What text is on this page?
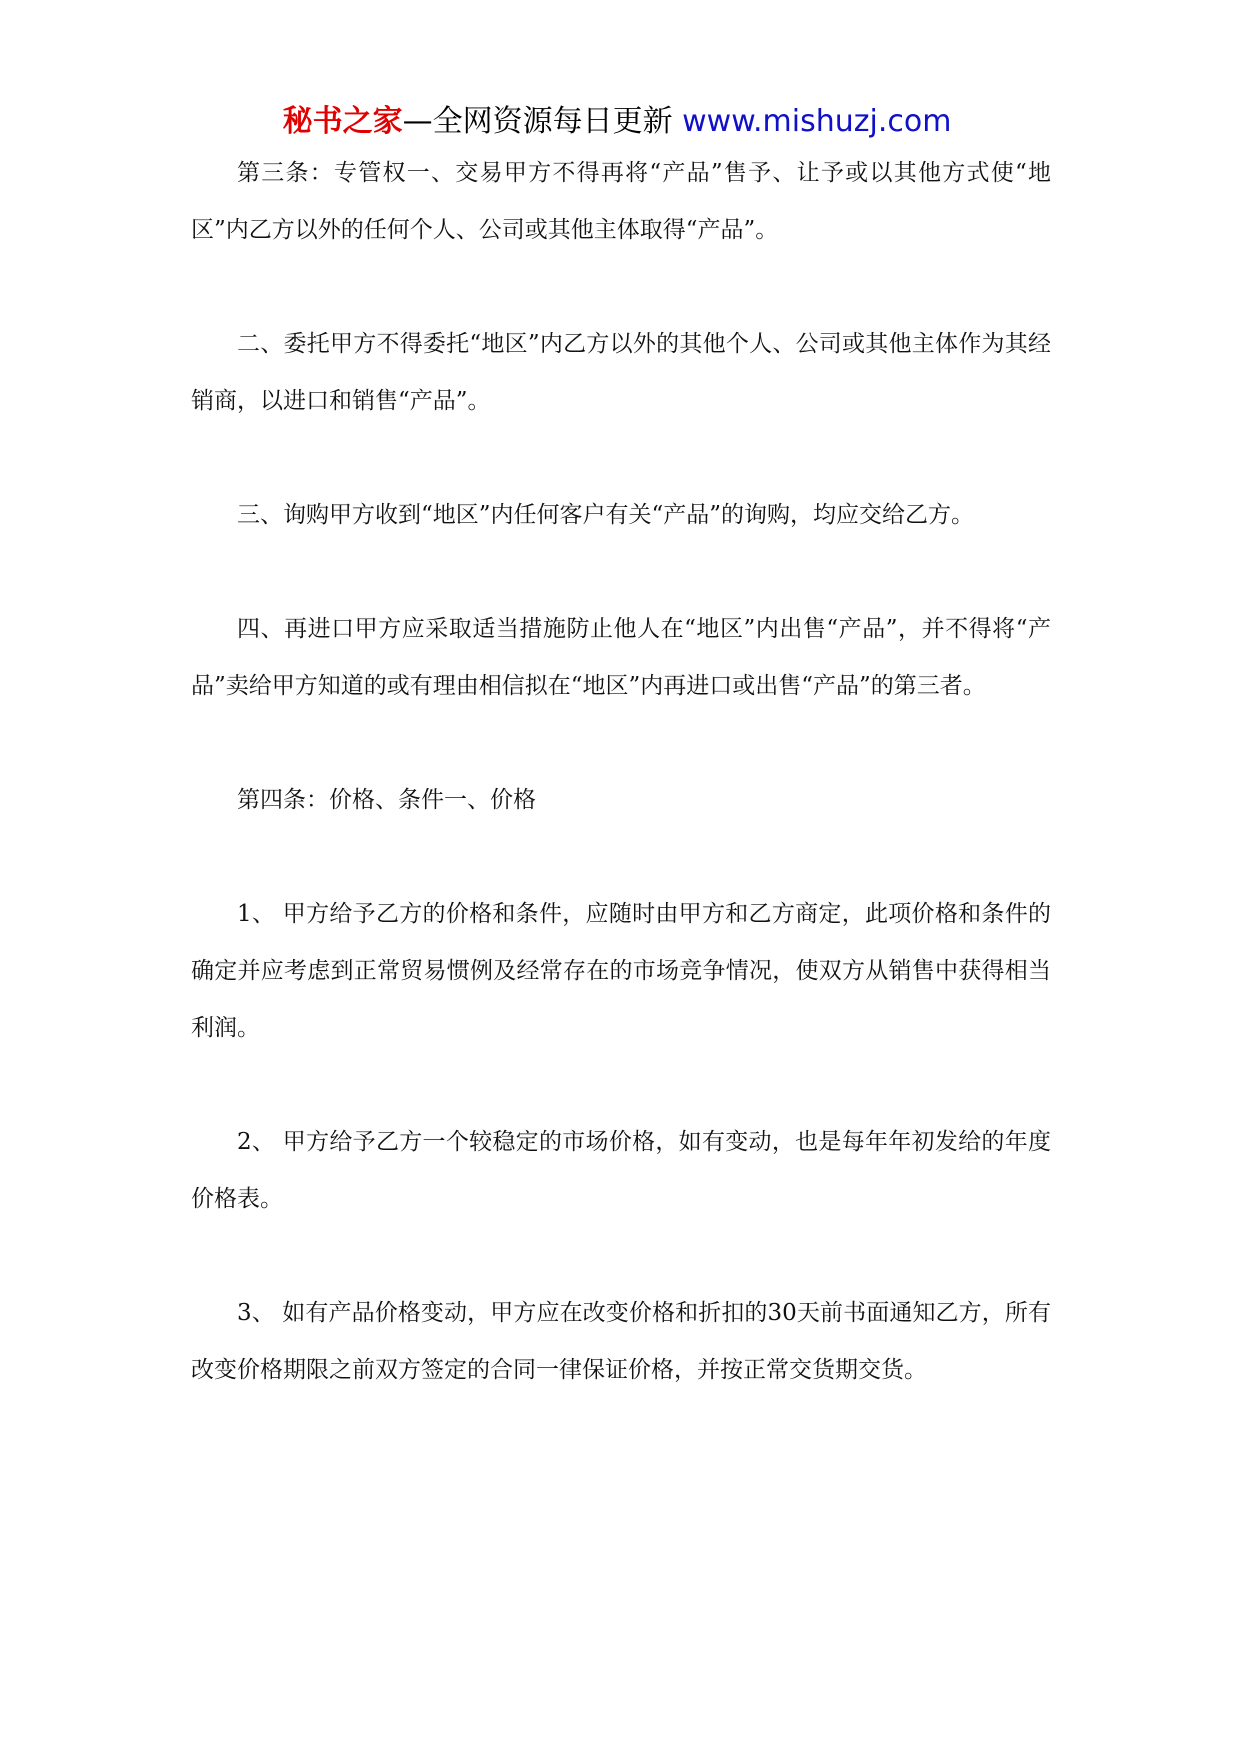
秘书之家—全网资源每日更新 www.mishuzj.com

第三条：专管权一、交易甲方不得再将“产品”售予、让予或以其他方式使“地区”内乙方以外的任何个人、公司或其他主体取得“产品”。

二、委托甲方不得委托“地区”内乙方以外的其他个人、公司或其他主体作为其经销商，以进口和销售“产品”。

三、询购甲方收到“地区”内任何客户有关“产品”的询购，均应交给乙方。

四、再进口甲方应采取适当措施防止他人在“地区”内出售“产品”，并不得将“产品”卖给甲方知道的或有理由相信拟在“地区”内再进口或出售“产品”的第三者。

第四条：价格、条件一、价格

1、 甲方给予乙方的价格和条件，应随时由甲方和乙方商定，此项价格和条件的确定并应考虑到正常贸易惯例及经常存在的市场竞争情况，使双方从销售中获得相当利润。

2、 甲方给予乙方一个较稳定的市场价格，如有变动，也是每年年初发给的年度价格表。

3、 如有产品价格变动，甲方应在改变价格和折扣的30天前书面通知乙方，所有改变价格期限之前双方签定的合同一律保证价格，并按正常交货期交货。
